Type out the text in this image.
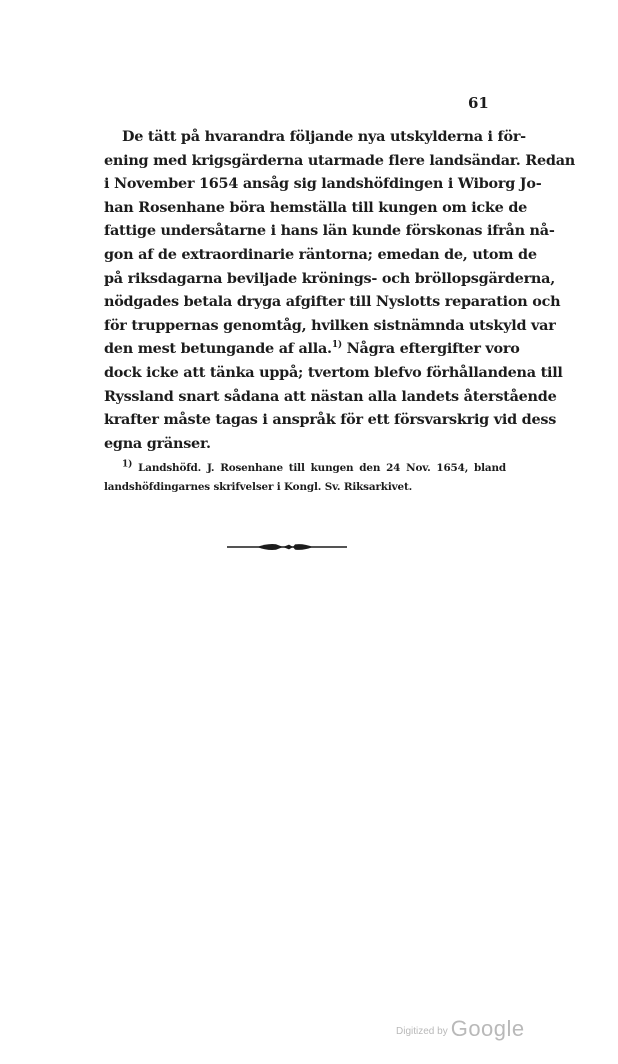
61
De tätt på hvarandra följande nya utskylderna i för-
ening med krigsgärderna utarmade flere landsändar. Redan
i November 1654 ansåg sig landshöfdingen i Wiborg Jo-
han Rosenhane böra hemställa till kungen om icke de
fattige undersåtarne i hans län kunde förskonas ifrån nå-
gon af de extraordinarie räntorna; emedan de, utom de
på riksdagarna beviljade krönings- och bröllopsgärderna,
nödgades betala dryga afgifter till Nyslotts reparation och
för truppernas genomtåg, hvilken sistnämnda utskyld var
den mest betungande af alla.$^{1)}$ Några eftergifter voro
dock icke att tänka uppå; tvertom blefvo förhållandena till
Ryssland snart sådana att nästan alla landets återstående
krafter måste tagas i anspråk för ett försvarskrig vid dess
egna gränser.
$^{1)}$ Landshöfd. J. Rosenhane till kungen den 24 Nov. 1654, bland
landshöfdingarnes skrifvelser i Kongl. Sv. Riksarkivet.
Digitized by Google
